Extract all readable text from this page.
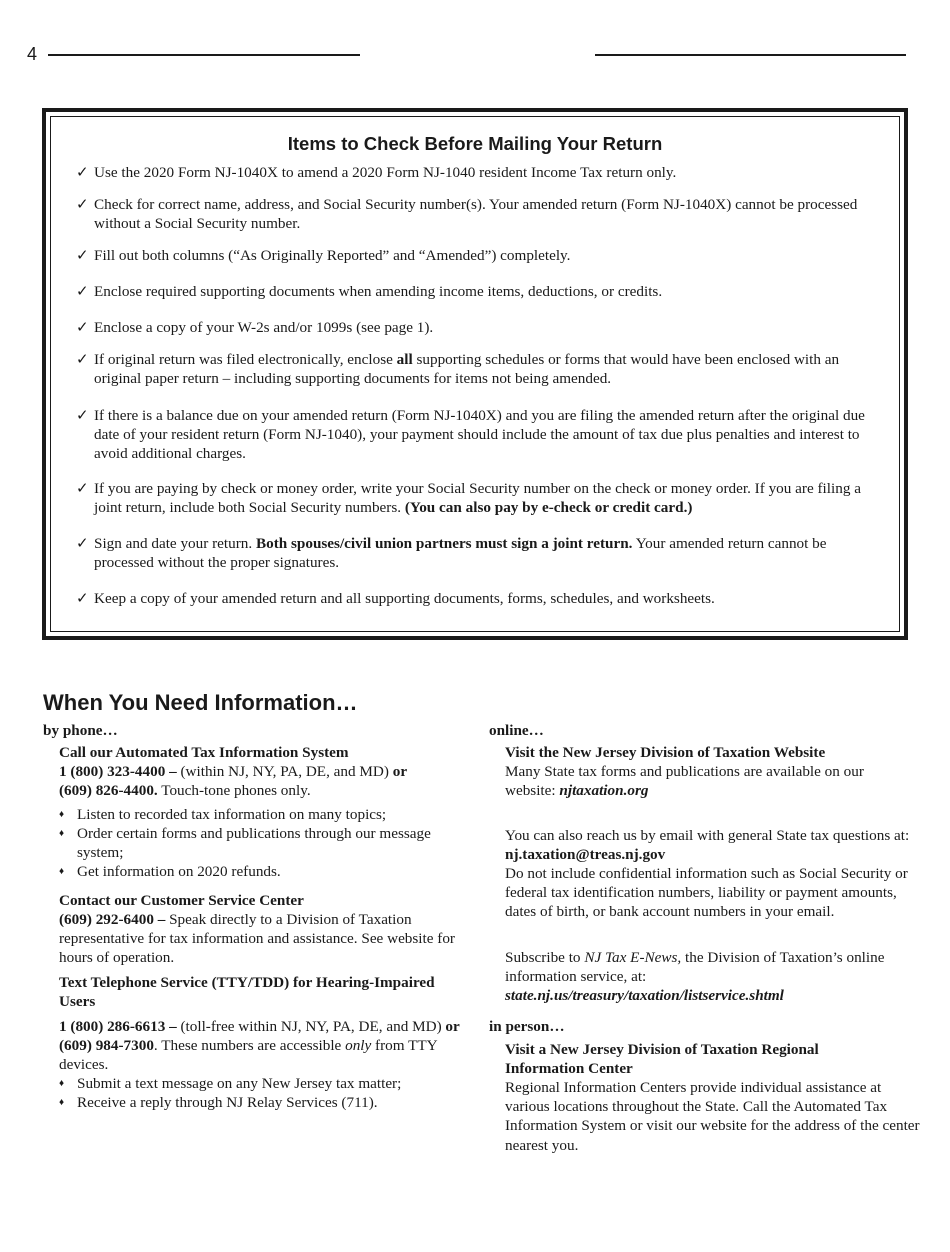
4
Items to Check Before Mailing Your Return
✓ Use the 2020 Form NJ-1040X to amend a 2020 Form NJ-1040 resident Income Tax return only.
✓ Check for correct name, address, and Social Security number(s). Your amended return (Form NJ-1040X) cannot be processed without a Social Security number.
✓ Fill out both columns (“As Originally Reported” and “Amended”) completely.
✓ Enclose required supporting documents when amending income items, deductions, or credits.
✓ Enclose a copy of your W-2s and/or 1099s (see page 1).
✓ If original return was filed electronically, enclose all supporting schedules or forms that would have been enclosed with an original paper return – including supporting documents for items not being amended.
✓ If there is a balance due on your amended return (Form NJ-1040X) and you are filing the amended return after the original due date of your resident return (Form NJ-1040), your payment should include the amount of tax due plus penalties and interest to avoid additional charges.
✓ If you are paying by check or money order, write your Social Security number on the check or money order. If you are filing a joint return, include both Social Security numbers. (You can also pay by e-check or credit card.)
✓ Sign and date your return. Both spouses/civil union partners must sign a joint return. Your amended return cannot be processed without the proper signatures.
✓ Keep a copy of your amended return and all supporting documents, forms, schedules, and worksheets.
When You Need Information…
by phone…
Call our Automated Tax Information System
1 (800) 323-4400 – (within NJ, NY, PA, DE, and MD) or
(609) 826-4400. Touch-tone phones only.
♦ Listen to recorded tax information on many topics;
♦ Order certain forms and publications through our message system;
♦ Get information on 2020 refunds.
Contact our Customer Service Center
(609) 292-6400 – Speak directly to a Division of Taxation representative for tax information and assistance. See website for hours of operation.
Text Telephone Service (TTY/TDD) for Hearing-Impaired Users
1 (800) 286-6613 – (toll-free within NJ, NY, PA, DE, and MD) or (609) 984-7300. These numbers are accessible only from TTY devices.
♦ Submit a text message on any New Jersey tax matter;
♦ Receive a reply through NJ Relay Services (711).
online…
Visit the New Jersey Division of Taxation Website
Many State tax forms and publications are available on our website: njtaxation.org
You can also reach us by email with general State tax questions at: nj.taxation@treas.nj.gov
Do not include confidential information such as Social Security or federal tax identification numbers, liability or payment amounts, dates of birth, or bank account numbers in your email.
Subscribe to NJ Tax E-News, the Division of Taxation’s online information service, at:
state.nj.us/treasury/taxation/listservice.shtml
in person…
Visit a New Jersey Division of Taxation Regional Information Center
Regional Information Centers provide individual assistance at various locations throughout the State. Call the Automated Tax Information System or visit our website for the address of the center nearest you.
